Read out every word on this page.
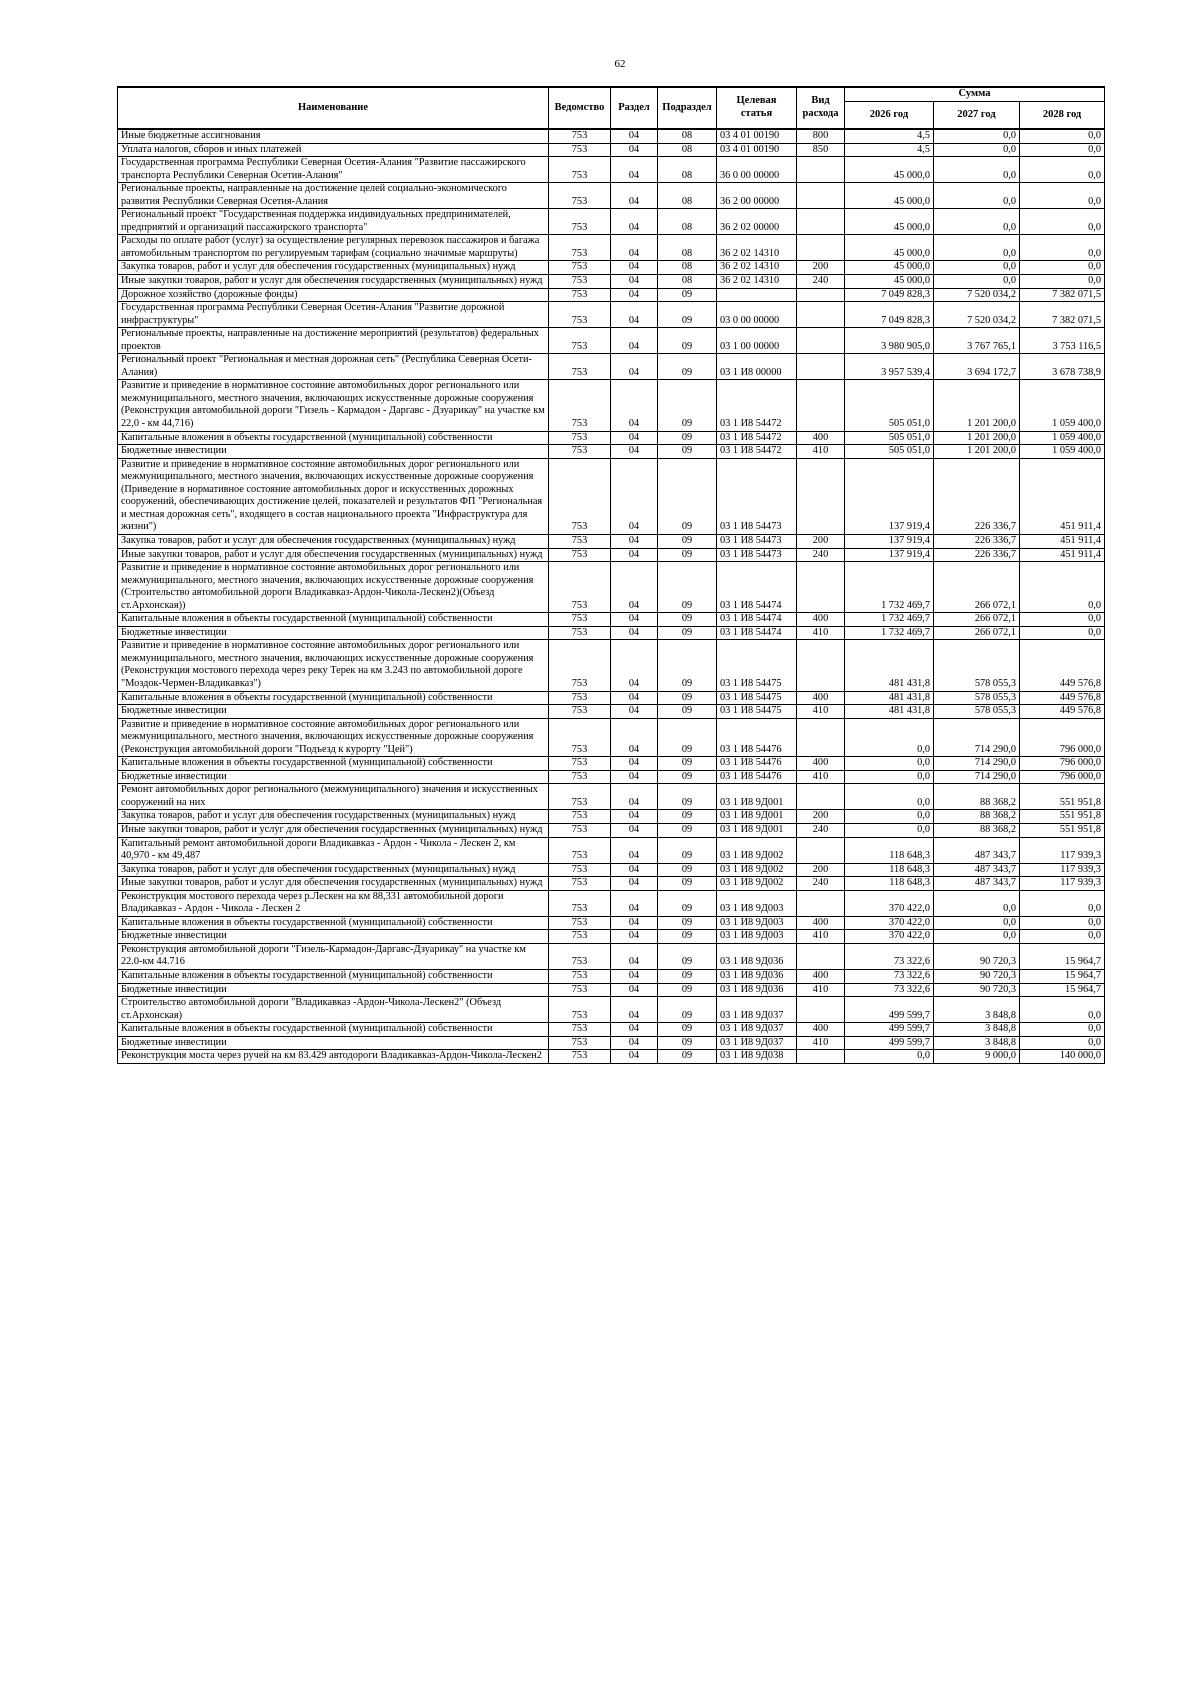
62
Наименование	Ведомство	Раздел	Подраздел	Целевая статья	Вид расхода	Сумма		
						2026 год	2027 год	2028 год
Иные бюджетные ассигнования	753	04	08	03 4 01 00190	800	4,5	0,0	0,0
Уплата налогов, сборов и иных платежей	753	04	08	03 4 01 00190	850	4,5	0,0	0,0
Государственная программа Республики Северная Осетия-Алания "Развитие пассажирского транспорта Республики Северная Осетия-Алания"	753	04	08	36 0 00 00000		45 000,0	0,0	0,0
Региональные проекты, направленные на достижение целей социально-экономического развития Республики Северная Осетия-Алания	753	04	08	36 2 00 00000		45 000,0	0,0	0,0
Региональный проект "Государственная поддержка индивидуальных предпринимателей, предприятий и организаций пассажирского транспорта"	753	04	08	36 2 02 00000		45 000,0	0,0	0,0
Расходы по оплате работ (услуг) за осуществление регулярных перевозок пассажиров и багажа автомобильным транспортом по регулируемым тарифам (социально значимые маршруты)	753	04	08	36 2 02 14310		45 000,0	0,0	0,0
Закупка товаров, работ и услуг для обеспечения государственных (муниципальных) нужд	753	04	08	36 2 02 14310	200	45 000,0	0,0	0,0
Иные закупки товаров, работ и услуг для обеспечения государственных (муниципальных) нужд	753	04	08	36 2 02 14310	240	45 000,0	0,0	0,0
Дорожное хозяйство (дорожные фонды)	753	04	09			7 049 828,3	7 520 034,2	7 382 071,5
Государственная программа Республики Северная Осетия-Алания "Развитие дорожной инфраструктуры"	753	04	09	03 0 00 00000		7 049 828,3	7 520 034,2	7 382 071,5
Региональные проекты, направленные на достижение мероприятий (результатов) федеральных проектов	753	04	09	03 1 00 00000		3 980 905,0	3 767 765,1	3 753 116,5
Региональный проект "Региональная и местная дорожная сеть" (Республика Северная Осети-Алания)	753	04	09	03 1 И8 00000		3 957 539,4	3 694 172,7	3 678 738,9
Развитие и приведение в нормативное состояние автомобильных дорог регионального или межмуниципального, местного значения, включающих искусственные дорожные сооружения (Реконструкция автомобильной дороги "Гизель - Кармадон - Даргавс - Дзуарикау" на участке км 22,0 - км 44,716)	753	04	09	03 1 И8 54472		505 051,0	1 201 200,0	1 059 400,0
Капитальные вложения в объекты государственной (муниципальной) собственности	753	04	09	03 1 И8 54472	400	505 051,0	1 201 200,0	1 059 400,0
Бюджетные инвестиции	753	04	09	03 1 И8 54472	410	505 051,0	1 201 200,0	1 059 400,0
Развитие и приведение в нормативное состояние автомобильных дорог регионального или межмуниципального, местного значения, включающих искусственные дорожные сооружения (Приведение в нормативное состояние автомобильных дорог и искусственных дорожных сооружений, обеспечивающих достижение целей, показателей и результатов ФП "Региональная и местная дорожная сеть", входящего в состав национального проекта "Инфраструктура для жизни")	753	04	09	03 1 И8 54473		137 919,4	226 336,7	451 911,4
Закупка товаров, работ и услуг для обеспечения государственных (муниципальных) нужд	753	04	09	03 1 И8 54473	200	137 919,4	226 336,7	451 911,4
Иные закупки товаров, работ и услуг для обеспечения государственных (муниципальных) нужд	753	04	09	03 1 И8 54473	240	137 919,4	226 336,7	451 911,4
Развитие и приведение в нормативное состояние автомобильных дорог регионального или межмуниципального, местного значения, включающих искусственные дорожные сооружения (Строительство автомобильной дороги Владикавказ-Ардон-Чикола-Лескен2)(Объезд ст.Архонская))	753	04	09	03 1 И8 54474		1 732 469,7	266 072,1	0,0
Капитальные вложения в объекты государственной (муниципальной) собственности	753	04	09	03 1 И8 54474	400	1 732 469,7	266 072,1	0,0
Бюджетные инвестиции	753	04	09	03 1 И8 54474	410	1 732 469,7	266 072,1	0,0
Развитие и приведение в нормативное состояние автомобильных дорог регионального или межмуниципального, местного значения, включающих искусственные дорожные сооружения (Реконструкция мостового перехода через реку Терек на км 3.243 по автомобильной дороге "Моздок-Чермен-Владикавказ")	753	04	09	03 1 И8 54475		481 431,8	578 055,3	449 576,8
Капитальные вложения в объекты государственной (муниципальной) собственности	753	04	09	03 1 И8 54475	400	481 431,8	578 055,3	449 576,8
Бюджетные инвестиции	753	04	09	03 1 И8 54475	410	481 431,8	578 055,3	449 576,8
Развитие и приведение в нормативное состояние автомобильных дорог регионального или межмуниципального, местного значения, включающих искусственные дорожные сооружения (Реконструкция автомобильной дороги "Подъезд к курорту "Цей")	753	04	09	03 1 И8 54476		0,0	714 290,0	796 000,0
Капитальные вложения в объекты государственной (муниципальной) собственности	753	04	09	03 1 И8 54476	400	0,0	714 290,0	796 000,0
Бюджетные инвестиции	753	04	09	03 1 И8 54476	410	0,0	714 290,0	796 000,0
Ремонт автомобильных дорог регионального (межмуниципального) значения и искусственных сооружений на них	753	04	09	03 1 И8 9Д001		0,0	88 368,2	551 951,8
Закупка товаров, работ и услуг для обеспечения государственных (муниципальных) нужд	753	04	09	03 1 И8 9Д001	200	0,0	88 368,2	551 951,8
Иные закупки товаров, работ и услуг для обеспечения государственных (муниципальных) нужд	753	04	09	03 1 И8 9Д001	240	0,0	88 368,2	551 951,8
Капитальный ремонт автомобильной дороги Владикавказ - Ардон - Чикола - Лескен 2, км 40,970 - км 49,487	753	04	09	03 1 И8 9Д002		118 648,3	487 343,7	117 939,3
Закупка товаров, работ и услуг для обеспечения государственных (муниципальных) нужд	753	04	09	03 1 И8 9Д002	200	118 648,3	487 343,7	117 939,3
Иные закупки товаров, работ и услуг для обеспечения государственных (муниципальных) нужд	753	04	09	03 1 И8 9Д002	240	118 648,3	487 343,7	117 939,3
Реконструкция мостового перехода через р.Лескен на км 88,331 автомобильной дороги Владикавказ - Ардон - Чикола - Лескен 2	753	04	09	03 1 И8 9Д003		370 422,0	0,0	0,0
Капитальные вложения в объекты государственной (муниципальной) собственности	753	04	09	03 1 И8 9Д003	400	370 422,0	0,0	0,0
Бюджетные инвестиции	753	04	09	03 1 И8 9Д003	410	370 422,0	0,0	0,0
Реконструкция автомобильной дороги "Гизель-Кармадон-Даргавс-Дзуарикау" на участке км 22.0-км 44.716	753	04	09	03 1 И8 9Д036		73 322,6	90 720,3	15 964,7
Капитальные вложения в объекты государственной (муниципальной) собственности	753	04	09	03 1 И8 9Д036	400	73 322,6	90 720,3	15 964,7
Бюджетные инвестиции	753	04	09	03 1 И8 9Д036	410	73 322,6	90 720,3	15 964,7
Строительство автомобильной дороги "Владикавказ -Ардон-Чикола-Лескен2" (Объезд ст.Архонская)	753	04	09	03 1 И8 9Д037		499 599,7	3 848,8	0,0
Капитальные вложения в объекты государственной (муниципальной) собственности	753	04	09	03 1 И8 9Д037	400	499 599,7	3 848,8	0,0
Бюджетные инвестиции	753	04	09	03 1 И8 9Д037	410	499 599,7	3 848,8	0,0
Реконструкция моста через ручей на км 83.429 автодороги Владикавказ-Ардон-Чикола-Лескен2	753	04	09	03 1 И8 9Д038		0,0	9 000,0	140 000,0
